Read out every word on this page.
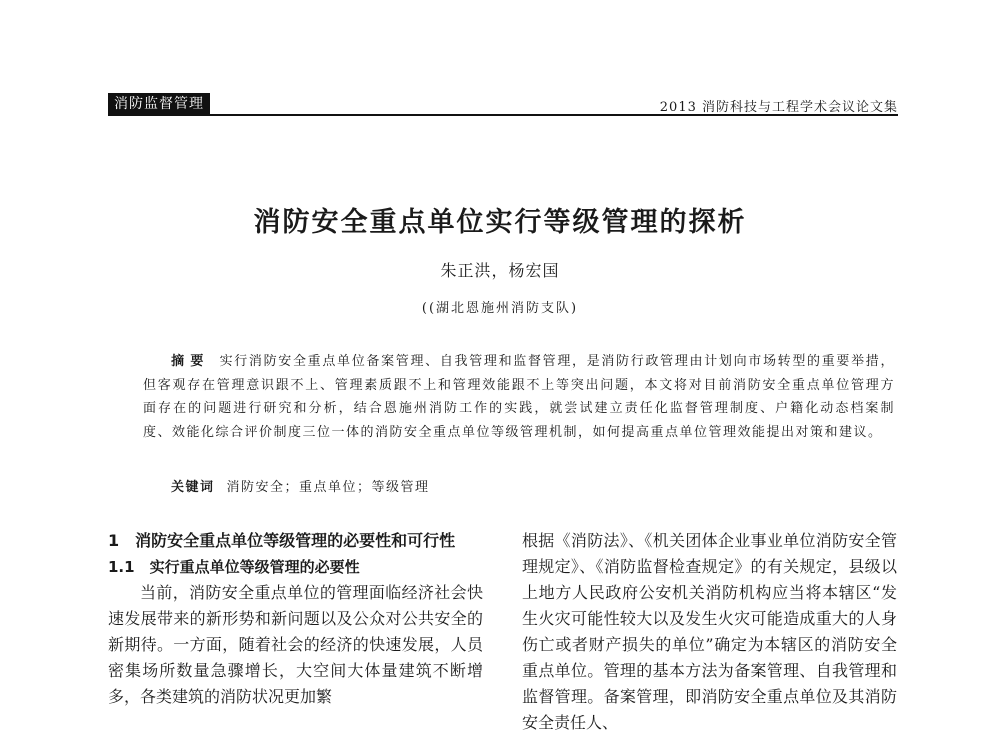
消防监督管理	2013 消防科技与工程学术会议论文集
消防安全重点单位实行等级管理的探析
朱正洪，杨宏国
((湖北恩施州消防支队)
摘要 实行消防安全重点单位备案管理、自我管理和监督管理，是消防行政管理由计划向市场转型的重要举措，但客观存在管理意识跟不上、管理素质跟不上和管理效能跟不上等突出问题，本文将对目前消防安全重点单位管理方面存在的问题进行研究和分析，结合恩施州消防工作的实践，就尝试建立责任化监督管理制度、户籍化动态档案制度、效能化综合评价制度三位一体的消防安全重点单位等级管理机制，如何提高重点单位管理效能提出对策和建议。
关键词 消防安全；重点单位；等级管理
1　消防安全重点单位等级管理的必要性和可行性
1.1　实行重点单位等级管理的必要性

当前，消防安全重点单位的管理面临经济社会快速发展带来的新形势和新问题以及公众对公共安全的新期待。一方面，随着社会的经济的快速发展，人员密集场所数量急骤增长，大空间大体量建筑不断增多，各类建筑的消防状况更加繁

根据《消防法》、《机关团体企业事业单位消防安全管理规定》、《消防监督检查规定》的有关规定，县级以上地方人民政府公安机关消防机构应当将本辖区“发生火灾可能性较大以及发生火灾可能造成重大的人身伤亡或者财产损失的单位”确定为本辖区的消防安全重点单位。管理的基本方法为备案管理、自我管理和监督管理。备案管理，即消防安全重点单位及其消防安全责任人、
